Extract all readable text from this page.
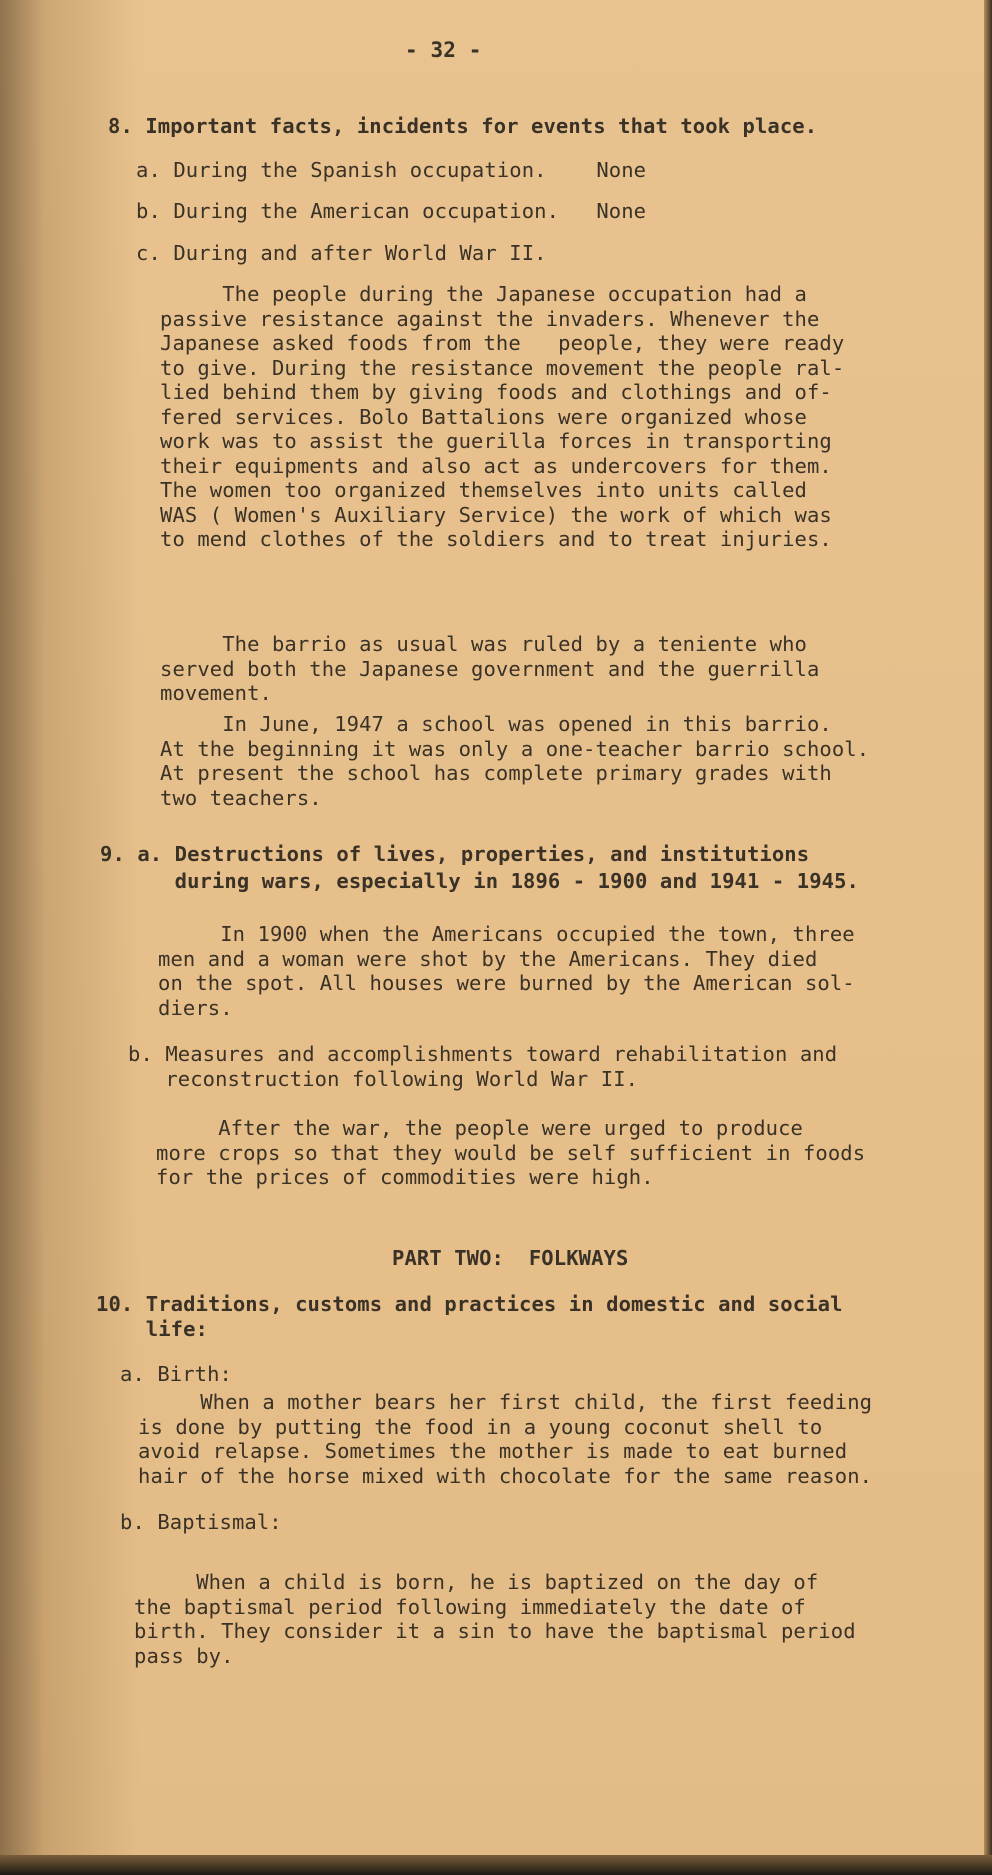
- 32 -

8. Important facts, incidents for events that took place.

a. During the Spanish occupation.    None

b. During the American occupation.   None

c. During and after World War II.

The people during the Japanese occupation had a

passive resistance against the invaders. Whenever the

Japanese asked foods from the   people, they were ready

to give. During the resistance movement the people ral-

lied behind them by giving foods and clothings and of-

fered services. Bolo Battalions were organized whose

work was to assist the guerilla forces in transporting

their equipments and also act as undercovers for them.

The women too organized themselves into units called

WAS ( Women's Auxiliary Service) the work of which was

to mend clothes of the soldiers and to treat injuries.

The barrio as usual was ruled by a teniente who

served both the Japanese government and the guerrilla

movement.

In June, 1947 a school was opened in this barrio.

At the beginning it was only a one-teacher barrio school.

At present the school has complete primary grades with

two teachers.

9. a. Destructions of lives, properties, and institutions

during wars, especially in 1896 - 1900 and 1941 - 1945.

In 1900 when the Americans occupied the town, three

men and a woman were shot by the Americans. They died

on the spot. All houses were burned by the American sol-

diers.

b. Measures and accomplishments toward rehabilitation and

reconstruction following World War II.

After the war, the people were urged to produce

more crops so that they would be self sufficient in foods

for the prices of commodities were high.

PART TWO:  FOLKWAYS

10. Traditions, customs and practices in domestic and social

life:

a. Birth:

When a mother bears her first child, the first feeding

is done by putting the food in a young coconut shell to

avoid relapse. Sometimes the mother is made to eat burned

hair of the horse mixed with chocolate for the same reason.

b. Baptismal:

When a child is born, he is baptized on the day of

the baptismal period following immediately the date of

birth. They consider it a sin to have the baptismal period

pass by.
